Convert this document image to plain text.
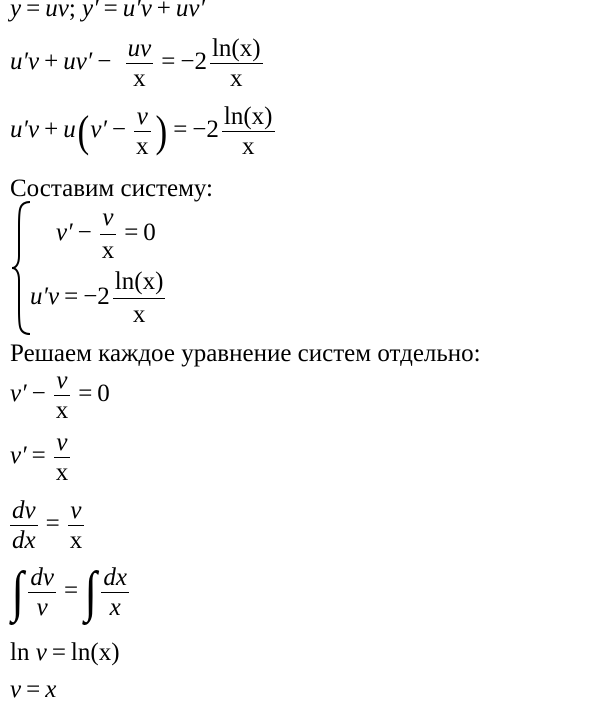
y = uv; y′ = u′v + uv′
$u'v + uv' - \frac{uv}{x} = -2 \frac{\ln(x)}{x}$
$u'v + u(v' - \frac{v}{x}$ ) = $-2 \frac{\ln(x)}{x}$
Составим систему:
$v' - \frac{v}{x} = 0$
$u'v = -2 \frac{\ln(x)}{x}$
Решаем каждое уравнение систем отдельно:
$v' - \frac{v}{x} = 0$
$v' = \frac{v}{x}$
$\frac{dv}{dx} = \frac{v}{x}$
∫ $\frac{dv}{v}$ = ∫ $\frac{dx}{x}$
ln v = ln(x)
v = x
